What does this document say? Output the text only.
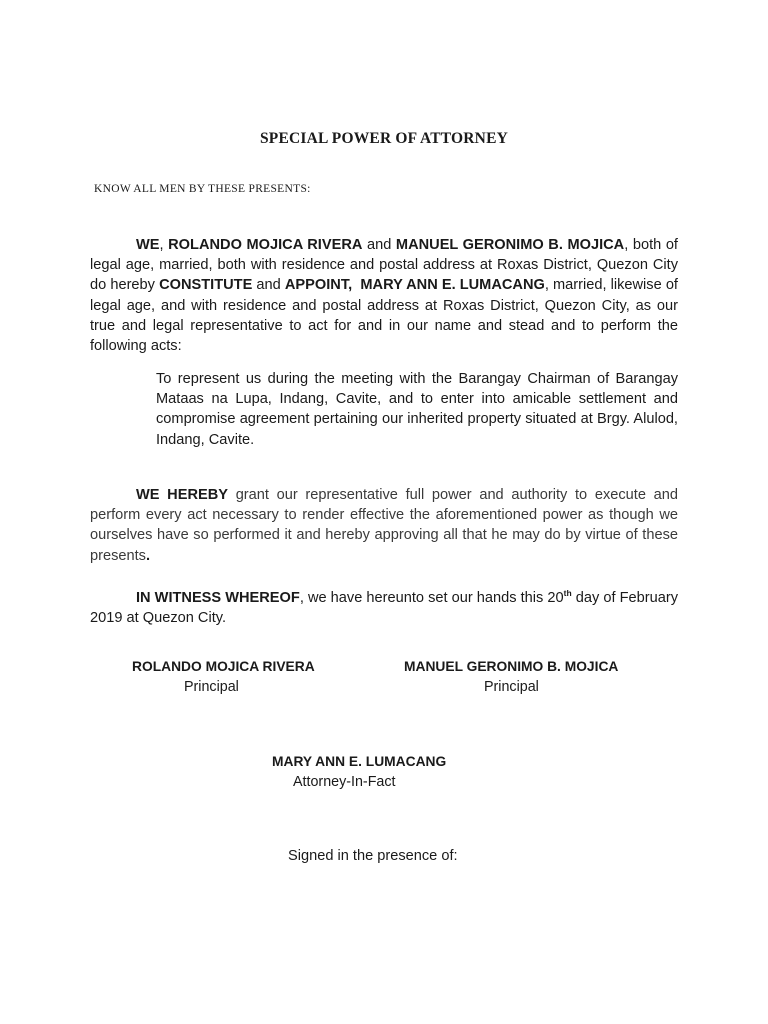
SPECIAL POWER OF ATTORNEY
KNOW ALL MEN BY THESE PRESENTS:
WE, ROLANDO MOJICA RIVERA and MANUEL GERONIMO B. MOJICA, both of legal age, married, both with residence and postal address at Roxas District, Quezon City do hereby CONSTITUTE and APPOINT, MARY ANN E. LUMACANG, married, likewise of legal age, and with residence and postal address at Roxas District, Quezon City, as our true and legal representative to act for and in our name and stead and to perform the following acts:
To represent us during the meeting with the Barangay Chairman of Barangay Mataas na Lupa, Indang, Cavite, and to enter into amicable settlement and compromise agreement pertaining our inherited property situated at Brgy. Alulod, Indang, Cavite.
WE HEREBY grant our representative full power and authority to execute and perform every act necessary to render effective the aforementioned power as though we ourselves have so performed it and hereby approving all that he may do by virtue of these presents.
IN WITNESS WHEREOF, we have hereunto set our hands this 20th day of February 2019 at Quezon City.
ROLANDO MOJICA RIVERA
Principal
MANUEL GERONIMO B. MOJICA
Principal
MARY ANN E. LUMACANG
Attorney-In-Fact
Signed in the presence of:
